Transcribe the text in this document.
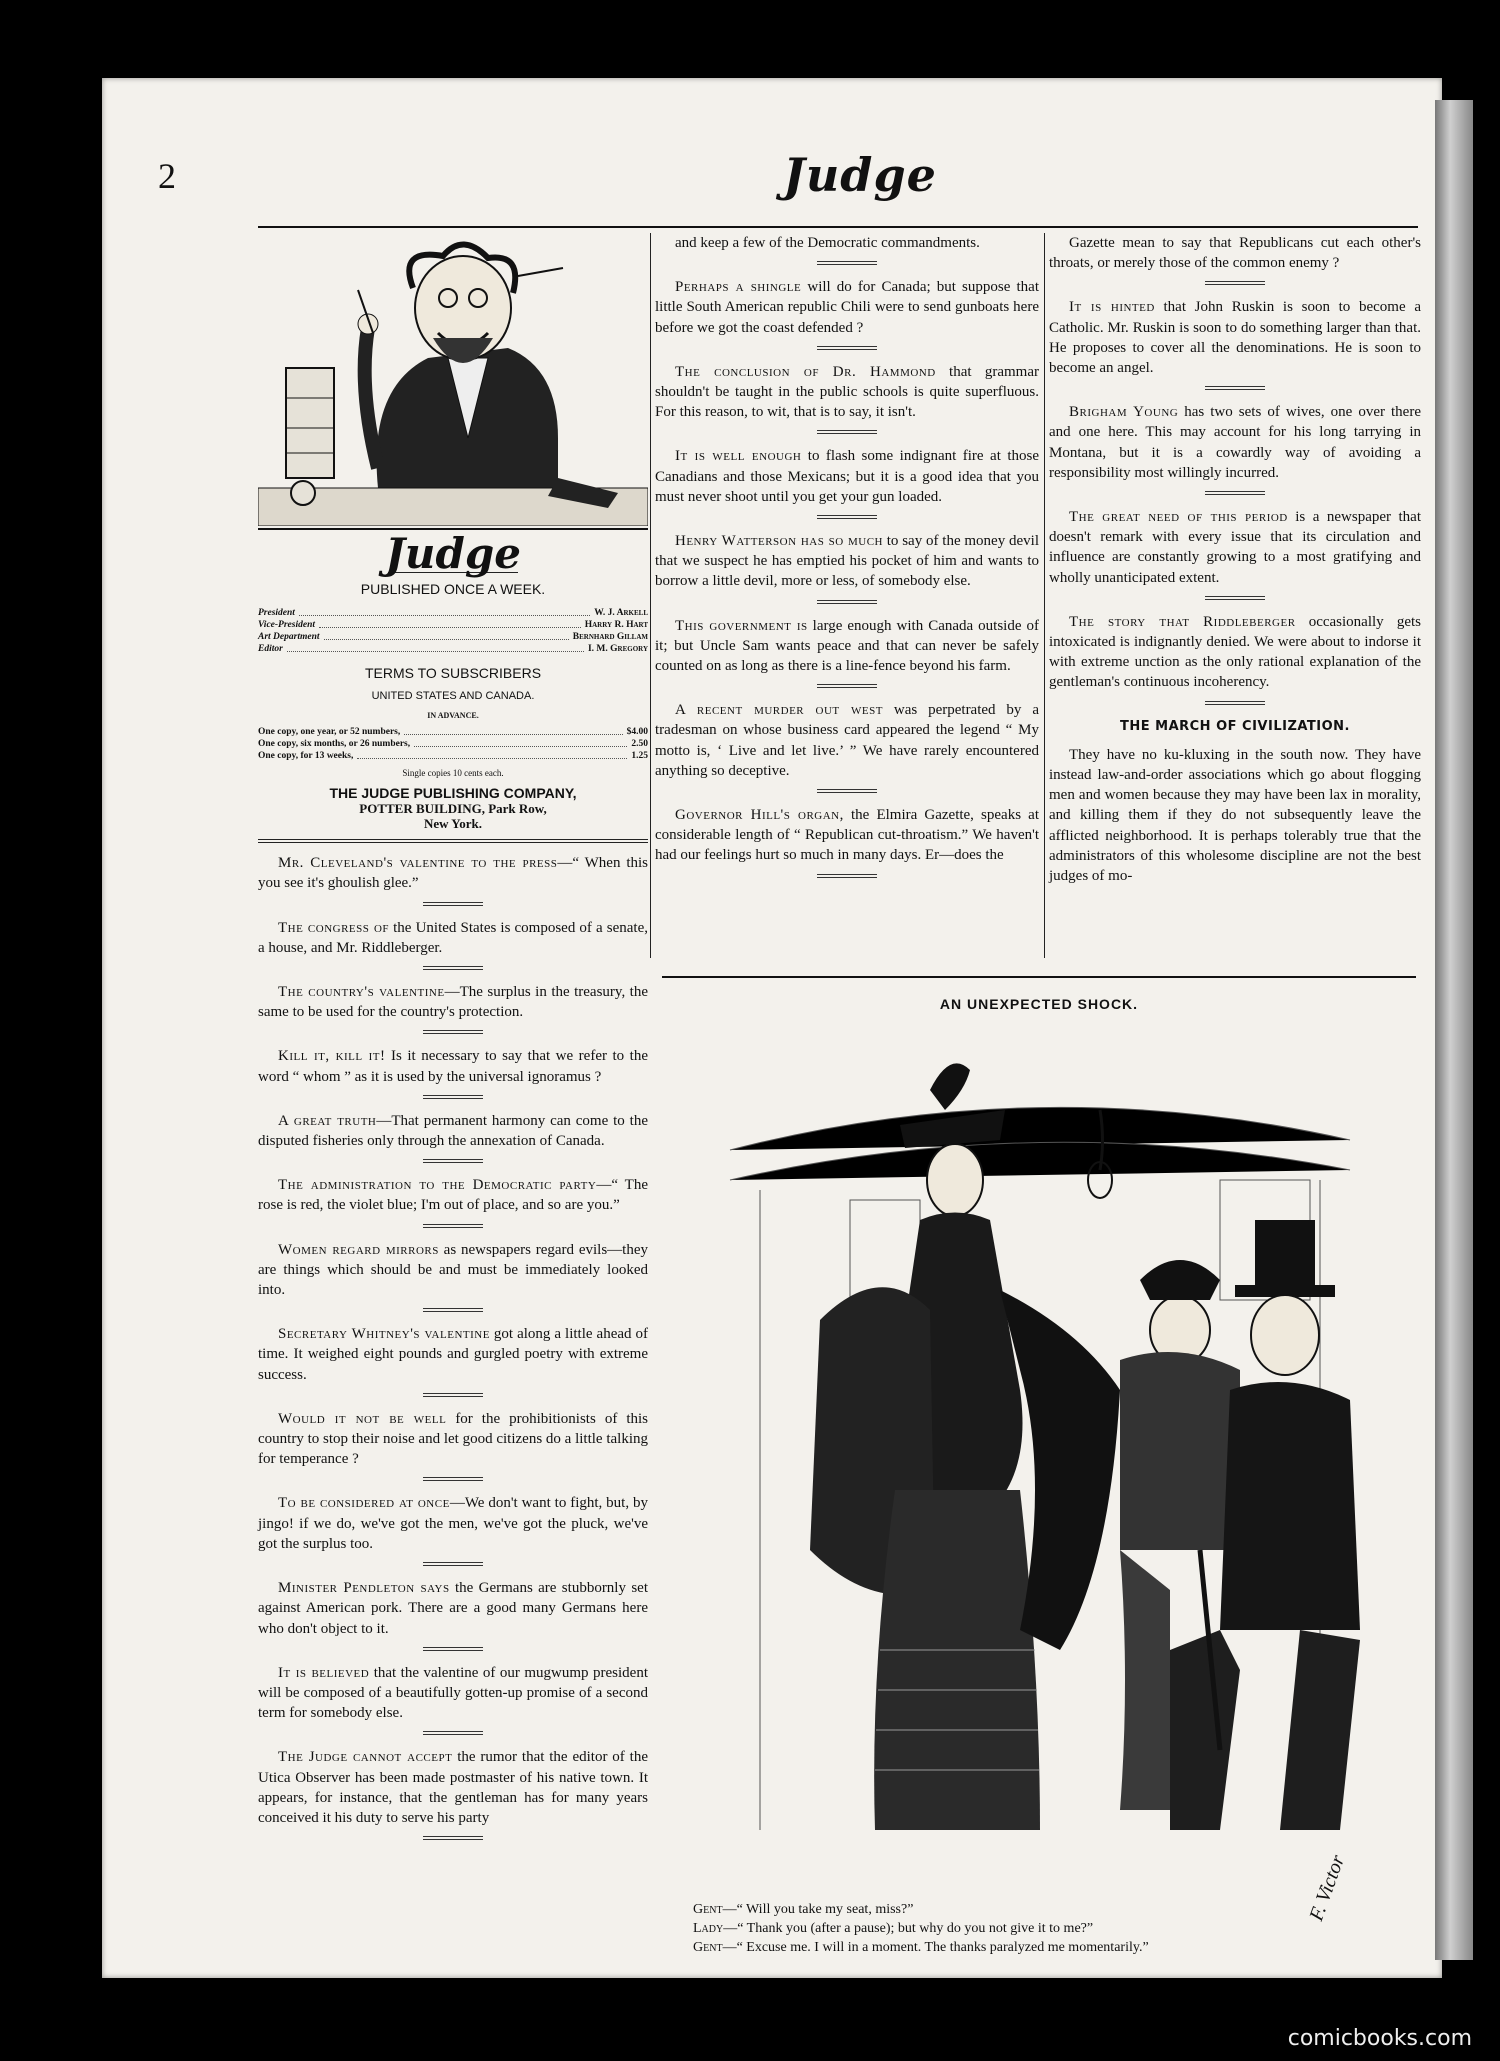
2	Judge
Judge
PUBLISHED ONCE A WEEK.
President	W. J. Arkell
Vice-President	Harry R. Hart
Art Department	Bernhard Gillam
Editor	I. M. Gregory
TERMS TO SUBSCRIBERS
UNITED STATES AND CANADA.
IN ADVANCE.
One copy, one year, or 52 numbers,	$4.00
One copy, six months, or 26 numbers,	2.50
One copy, for 13 weeks,	1.25
Single copies 10 cents each.
THE JUDGE PUBLISHING COMPANY,
POTTER BUILDING, Park Row,
New York.

Mr. Cleveland's valentine to the press—“ When this you see it's ghoulish glee.”

The congress of the United States is composed of a senate, a house, and Mr. Riddleberger.

The country's valentine—The surplus in the treasury, the same to be used for the country's protection.

Kill it, kill it! Is it necessary to say that we refer to the word “ whom ” as it is used by the universal ignoramus ?

A great truth—That permanent harmony can come to the disputed fisheries only through the annexation of Canada.

The administration to the Democratic party—“ The rose is red, the violet blue; I'm out of place, and so are you.”

Women regard mirrors as newspapers regard evils—they are things which should be and must be immediately looked into.

Secretary Whitney's valentine got along a little ahead of time. It weighed eight pounds and gurgled poetry with extreme success.

Would it not be well for the prohibitionists of this country to stop their noise and let good citizens do a little talking for temperance ?

To be considered at once—We don't want to fight, but, by jingo! if we do, we've got the men, we've got the pluck, we've got the surplus too.

Minister Pendleton says the Germans are stubbornly set against American pork. There are a good many Germans here who don't object to it.

It is believed that the valentine of our mugwump president will be composed of a beautifully gotten-up promise of a second term for somebody else.

The Judge cannot accept the rumor that the editor of the Utica Observer has been made postmaster of his native town. It appears, for instance, that the gentleman has for many years conceived it his duty to serve his party

and keep a few of the Democratic commandments.

Perhaps a shingle will do for Canada; but suppose that little South American republic Chili were to send gunboats here before we got the coast defended ?

The conclusion of Dr. Hammond that grammar shouldn't be taught in the public schools is quite superfluous. For this reason, to wit, that is to say, it isn't.

It is well enough to flash some indignant fire at those Canadians and those Mexicans; but it is a good idea that you must never shoot until you get your gun loaded.

Henry Watterson has so much to say of the money devil that we suspect he has emptied his pocket of him and wants to borrow a little devil, more or less, of somebody else.

This government is large enough with Canada outside of it; but Uncle Sam wants peace and that can never be safely counted on as long as there is a line-fence beyond his farm.

A recent murder out west was perpetrated by a tradesman on whose business card appeared the legend “ My motto is, ‘ Live and let live.’ ” We have rarely encountered anything so deceptive.

Governor Hill's organ, the Elmira Gazette, speaks at considerable length of “ Republican cut-throatism.” We haven't had our feelings hurt so much in many days. Er—does the

Gazette mean to say that Republicans cut each other's throats, or merely those of the common enemy ?

It is hinted that John Ruskin is soon to become a Catholic. Mr. Ruskin is soon to do something larger than that. He proposes to cover all the denominations. He is soon to become an angel.

Brigham Young has two sets of wives, one over there and one here. This may account for his long tarrying in Montana, but it is a cowardly way of avoiding a responsibility most willingly incurred.

The great need of this period is a newspaper that doesn't remark with every issue that its circulation and influence are constantly growing to a most gratifying and wholly unanticipated extent.

The story that Riddleberger occasionally gets intoxicated is indignantly denied. We were about to indorse it with extreme unction as the only rational explanation of the gentleman's continuous incoherency.

THE MARCH OF CIVILIZATION.

They have no ku-kluxing in the south now. They have instead law-and-order associations which go about flogging men and women because they may have been lax in morality, and killing them if they do not subsequently leave the afflicted neighborhood. It is perhaps tolerably true that the administrators of this wholesome discipline are not the best judges of mo-

AN UNEXPECTED SHOCK.
F. Victor
Gent—“ Will you take my seat, miss?”
Lady—“ Thank you (after a pause); but why do you not give it to me?”
Gent—“ Excuse me. I will in a moment. The thanks paralyzed me momentarily.”
comicbooks.com
